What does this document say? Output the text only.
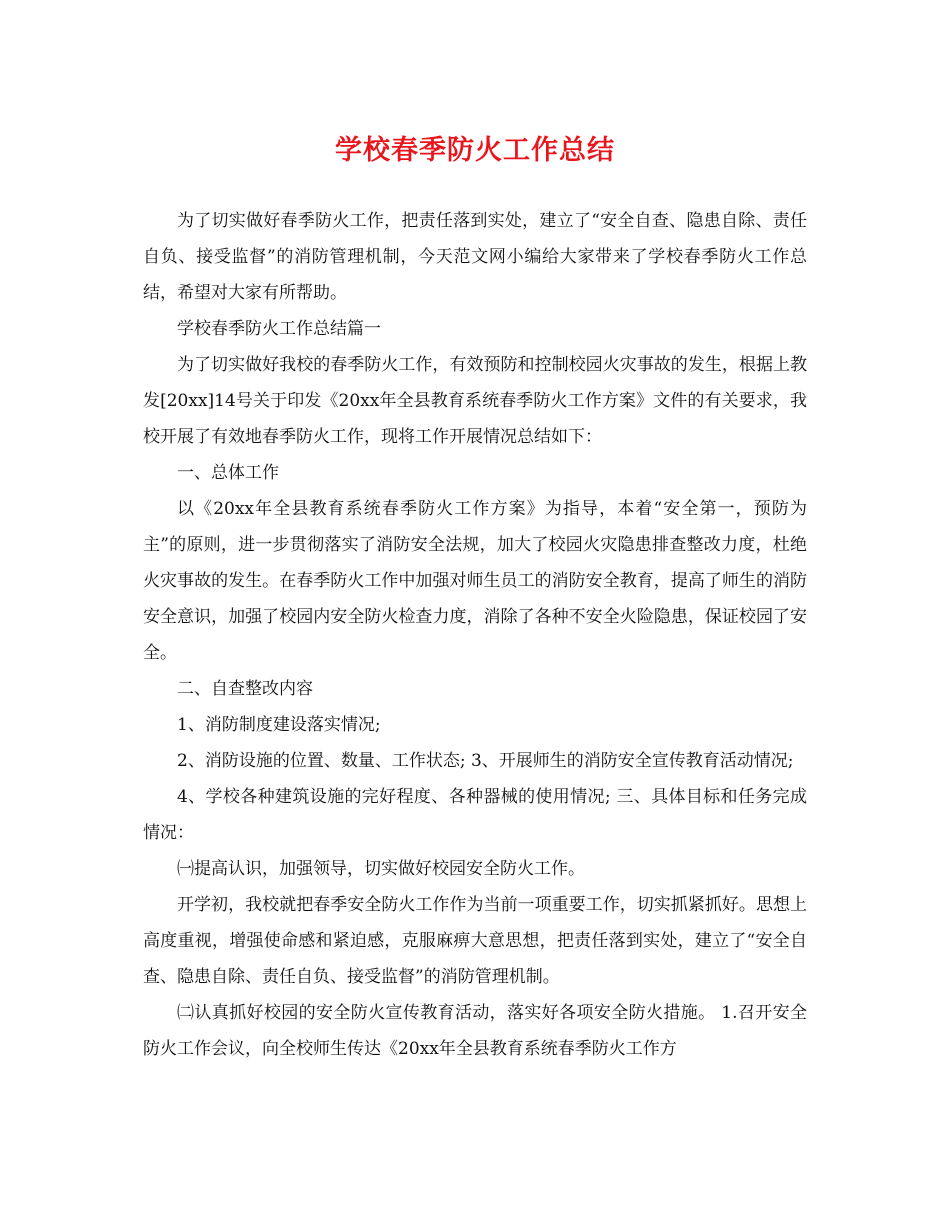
学校春季防火工作总结

为了切实做好春季防火工作，把责任落到实处，建立了“安全自查、隐患自除、责任自负、接受监督”的消防管理机制，今天范文网小编给大家带来了学校春季防火工作总结，希望对大家有所帮助。

学校春季防火工作总结篇一

为了切实做好我校的春季防火工作，有效预防和控制校园火灾事故的发生，根据上教发[20xx]14号关于印发《20xx年全县教育系统春季防火工作方案》文件的有关要求，我校开展了有效地春季防火工作，现将工作开展情况总结如下：

一、总体工作

以《20xx年全县教育系统春季防火工作方案》为指导，本着“安全第一，预防为主”的原则，进一步贯彻落实了消防安全法规，加大了校园火灾隐患排查整改力度，杜绝火灾事故的发生。在春季防火工作中加强对师生员工的消防安全教育，提高了师生的消防安全意识，加强了校园内安全防火检查力度，消除了各种不安全火险隐患，保证校园了安全。

二、自查整改内容

1、消防制度建设落实情况;

2、消防设施的位置、数量、工作状态; 3、开展师生的消防安全宣传教育活动情况;

4、学校各种建筑设施的完好程度、各种器械的使用情况; 三、具体目标和任务完成情况：

㈠提高认识，加强领导，切实做好校园安全防火工作。

开学初，我校就把春季安全防火工作作为当前一项重要工作，切实抓紧抓好。思想上高度重视，增强使命感和紧迫感，克服麻痹大意思想，把责任落到实处，建立了“安全自查、隐患自除、责任自负、接受监督”的消防管理机制。

㈡认真抓好校园的安全防火宣传教育活动，落实好各项安全防火措施。 1.召开安全防火工作会议，向全校师生传达《20xx年全县教育系统春季防火工作方
